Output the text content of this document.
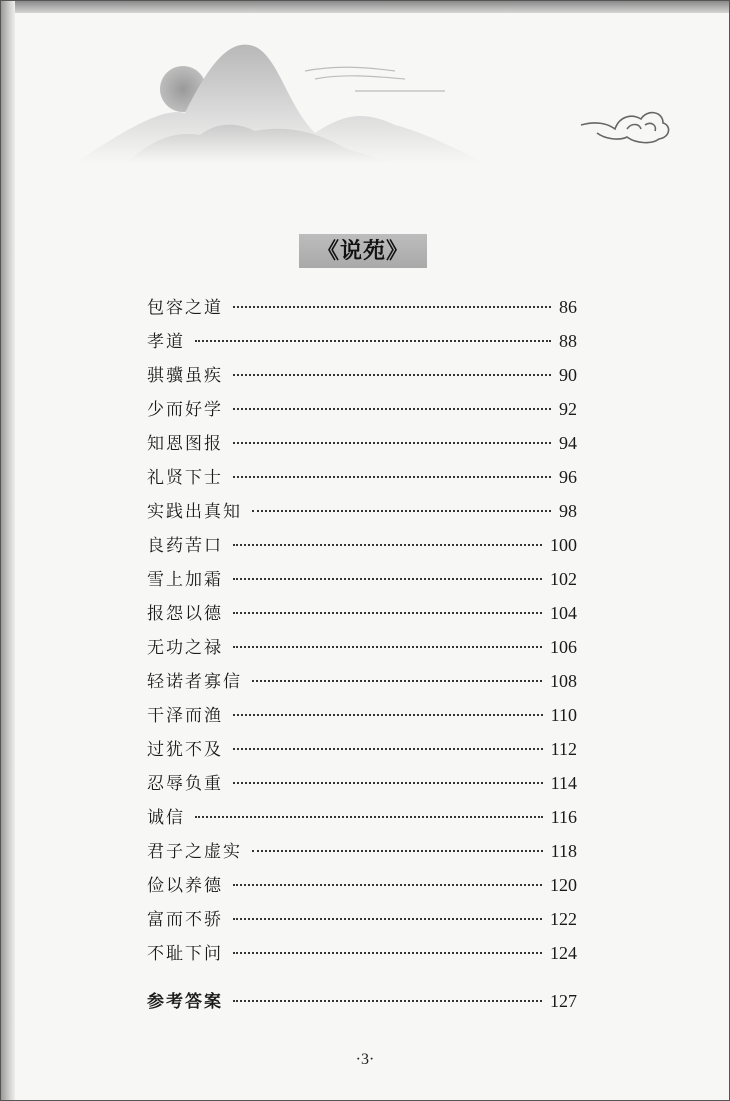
《说苑》
包容之道	86
孝道	88
骐骥虽疾	90
少而好学	92
知恩图报	94
礼贤下士	96
实践出真知	98
良药苦口	100
雪上加霜	102
报怨以德	104
无功之禄	106
轻诺者寡信	108
干泽而渔	110
过犹不及	112
忍辱负重	114
诚信	116
君子之虚实	118
俭以养德	120
富而不骄	122
不耻下问	124
参考答案	127
·3·
